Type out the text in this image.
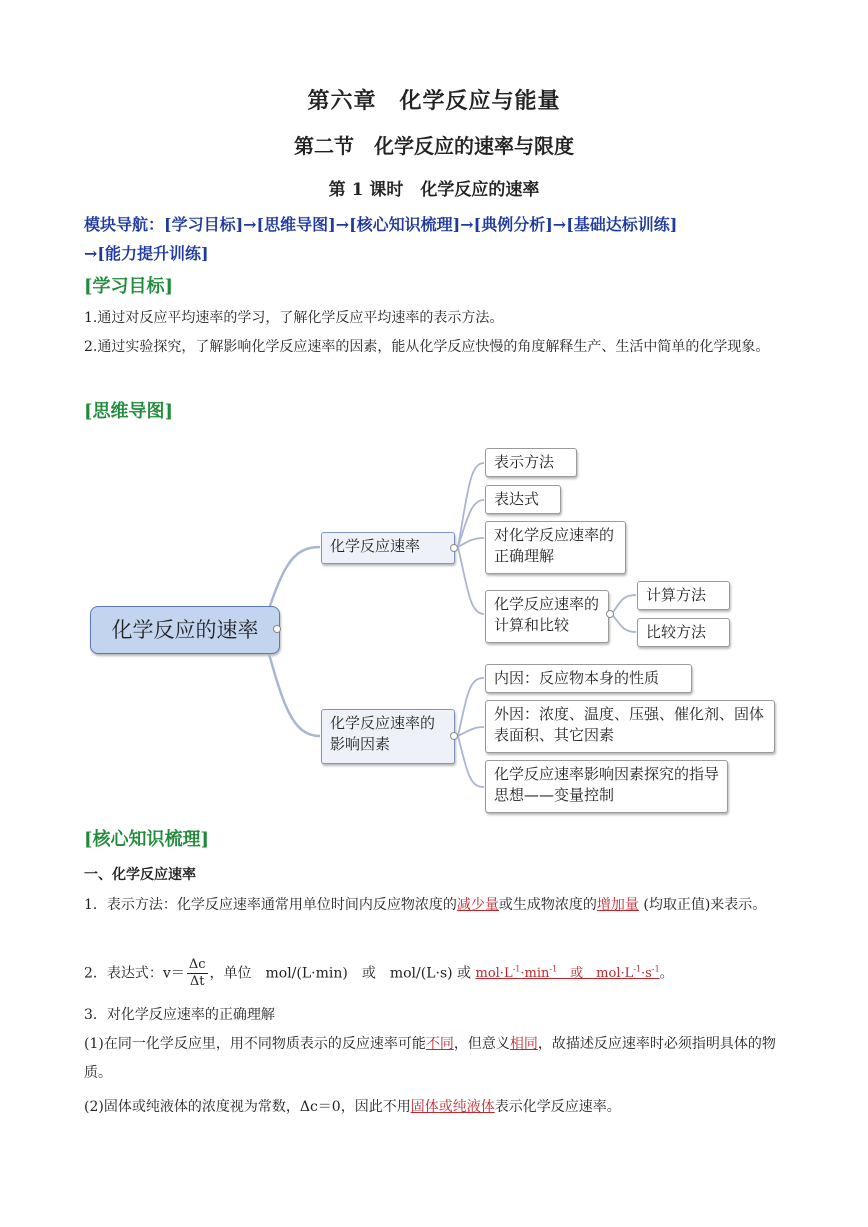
第六章　化学反应与能量
第二节　化学反应的速率与限度
第 1 课时　化学反应的速率
模块导航：[学习目标]→[思维导图]→[核心知识梳理]→[典例分析]→[基础达标训练]
→[能力提升训练]
[学习目标]
1.通过对反应平均速率的学习，了解化学反应平均速率的表示方法。
2.通过实验探究，了解影响化学反应速率的因素，能从化学反应快慢的角度解释生产、生活中简单的化学现象。
[思维导图]
化学反应的速率
化学反应速率
表示方法
表达式
对化学反应速率的正确理解
化学反应速率的计算和比较
计算方法
比较方法
化学反应速率的影响因素
内因：反应物本身的性质
外因：浓度、温度、压强、催化剂、固体表面积、其它因素
化学反应速率影响因素探究的指导思想——变量控制
[核心知识梳理]
一、化学反应速率
1．表示方法：化学反应速率通常用单位时间内反应物浓度的减少量或生成物浓度的增加量 (均取正值)来表示。
2．表达式：$v= \frac{\Delta c}{\Delta t}$ ，单位　mol/(L·min)　或　mol/(L·s) 或 $mol\cdot L^{-1}\cdot\min^{-1}$　或　$mol\cdot L^{-1}\cdot s^{-1}$。
3．对化学反应速率的正确理解
(1)在同一化学反应里，用不同物质表示的反应速率可能不同，但意义相同，故描述反应速率时必须指明具体的物质。
(2)固体或纯液体的浓度视为常数，Δc＝0，因此不用固体或纯液体表示化学反应速率。
